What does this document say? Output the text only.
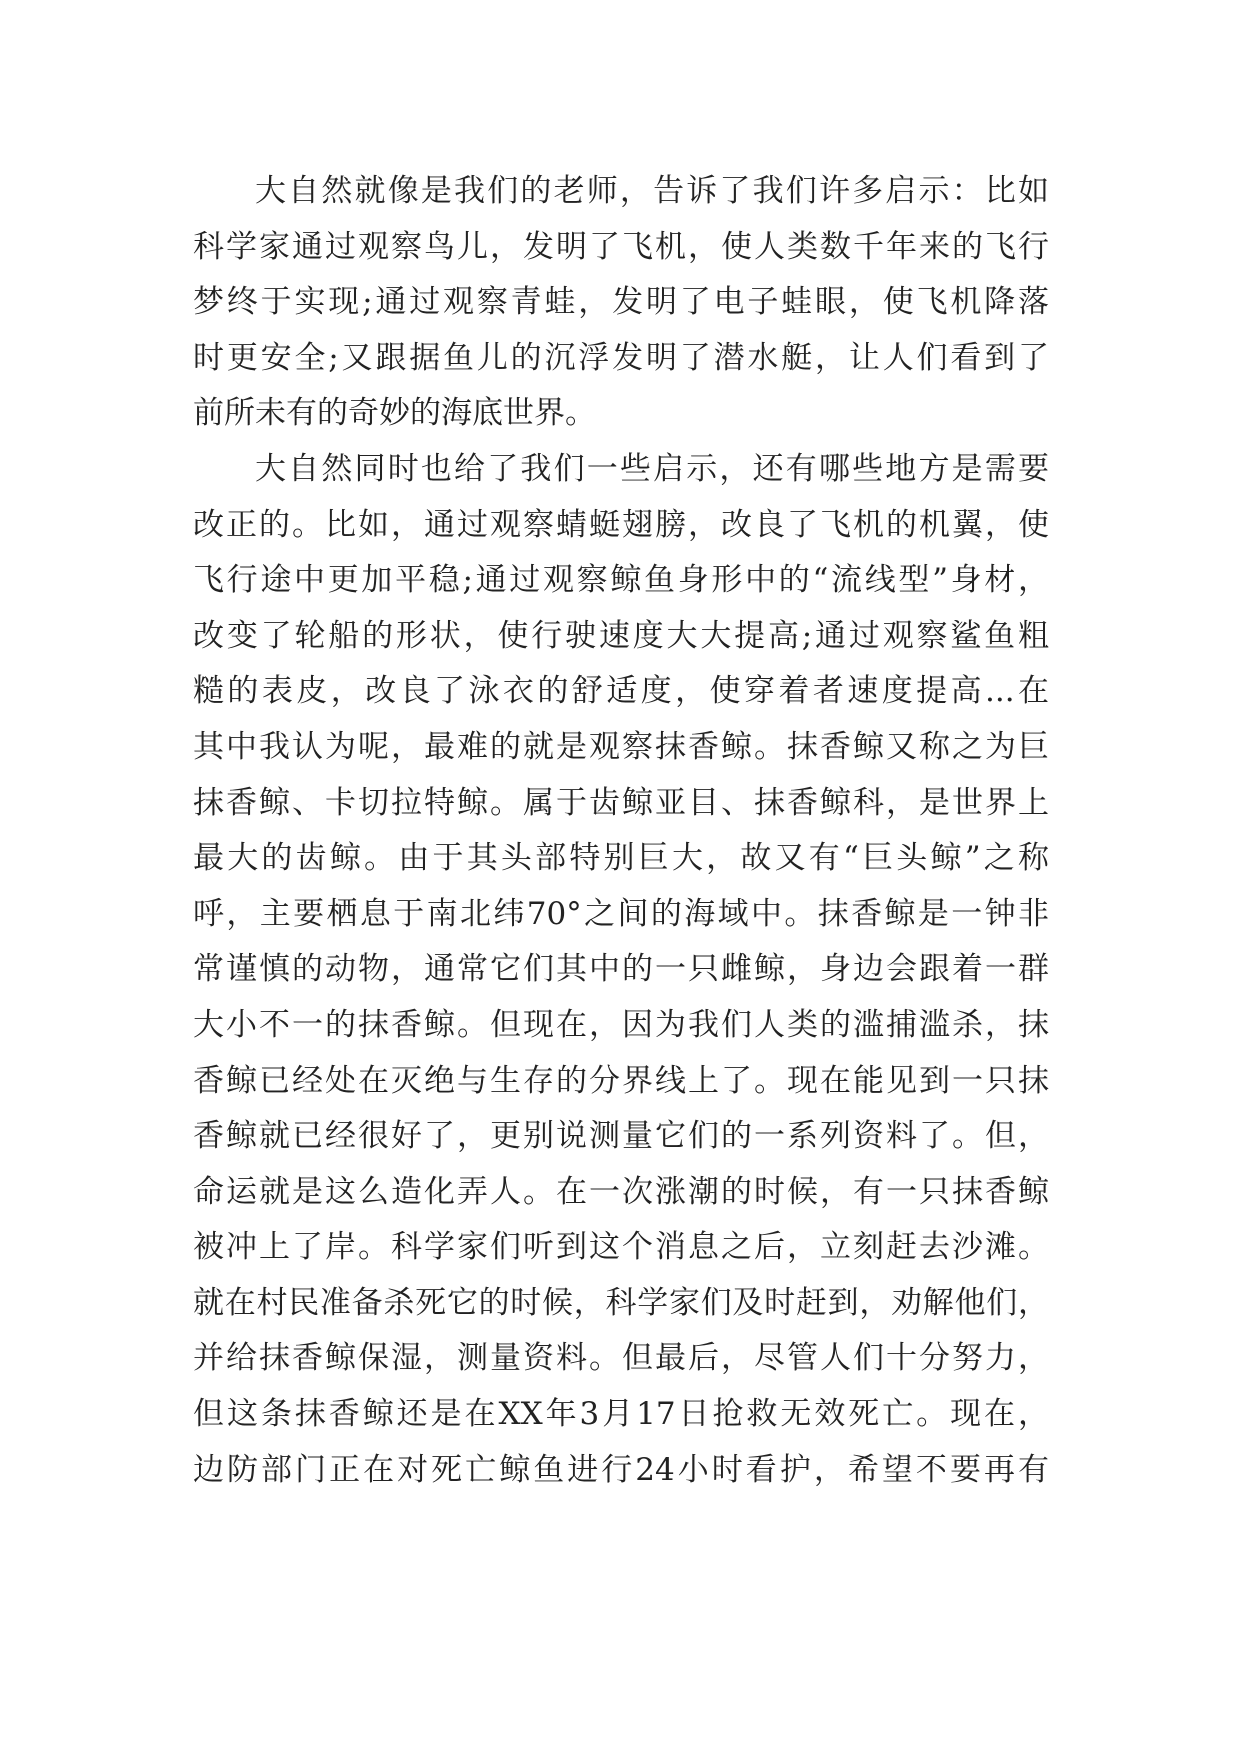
大自然就像是我们的老师，告诉了我们许多启示：比如
科学家通过观察鸟儿，发明了飞机，使人类数千年来的飞行
梦终于实现;通过观察青蛙，发明了电子蛙眼，使飞机降落
时更安全;又跟据鱼儿的沉浮发明了潜水艇，让人们看到了
前所未有的奇妙的海底世界。
大自然同时也给了我们一些启示，还有哪些地方是需要
改正的。比如，通过观察蜻蜓翅膀，改良了飞机的机翼，使
飞行途中更加平稳;通过观察鲸鱼身形中的“流线型”身材，
改变了轮船的形状，使行驶速度大大提高;通过观察鲨鱼粗
糙的表皮，改良了泳衣的舒适度，使穿着者速度提高...在
其中我认为呢，最难的就是观察抹香鲸。抹香鲸又称之为巨
抹香鲸、卡切拉特鲸。属于齿鲸亚目、抹香鲸科，是世界上
最大的齿鲸。由于其头部特别巨大，故又有“巨头鲸”之称
呼，主要栖息于南北纬70°之间的海域中。抹香鲸是一钟非
常谨慎的动物，通常它们其中的一只雌鲸，身边会跟着一群
大小不一的抹香鲸。但现在，因为我们人类的滥捕滥杀，抹
香鲸已经处在灭绝与生存的分界线上了。现在能见到一只抹
香鲸就已经很好了，更别说测量它们的一系列资料了。但，
命运就是这么造化弄人。在一次涨潮的时候，有一只抹香鲸
被冲上了岸。科学家们听到这个消息之后，立刻赶去沙滩。
就在村民准备杀死它的时候，科学家们及时赶到，劝解他们，
并给抹香鲸保湿，测量资料。但最后，尽管人们十分努力，
但这条抹香鲸还是在XX年3月17日抢救无效死亡。现在，
边防部门正在对死亡鲸鱼进行24小时看护，希望不要再有
